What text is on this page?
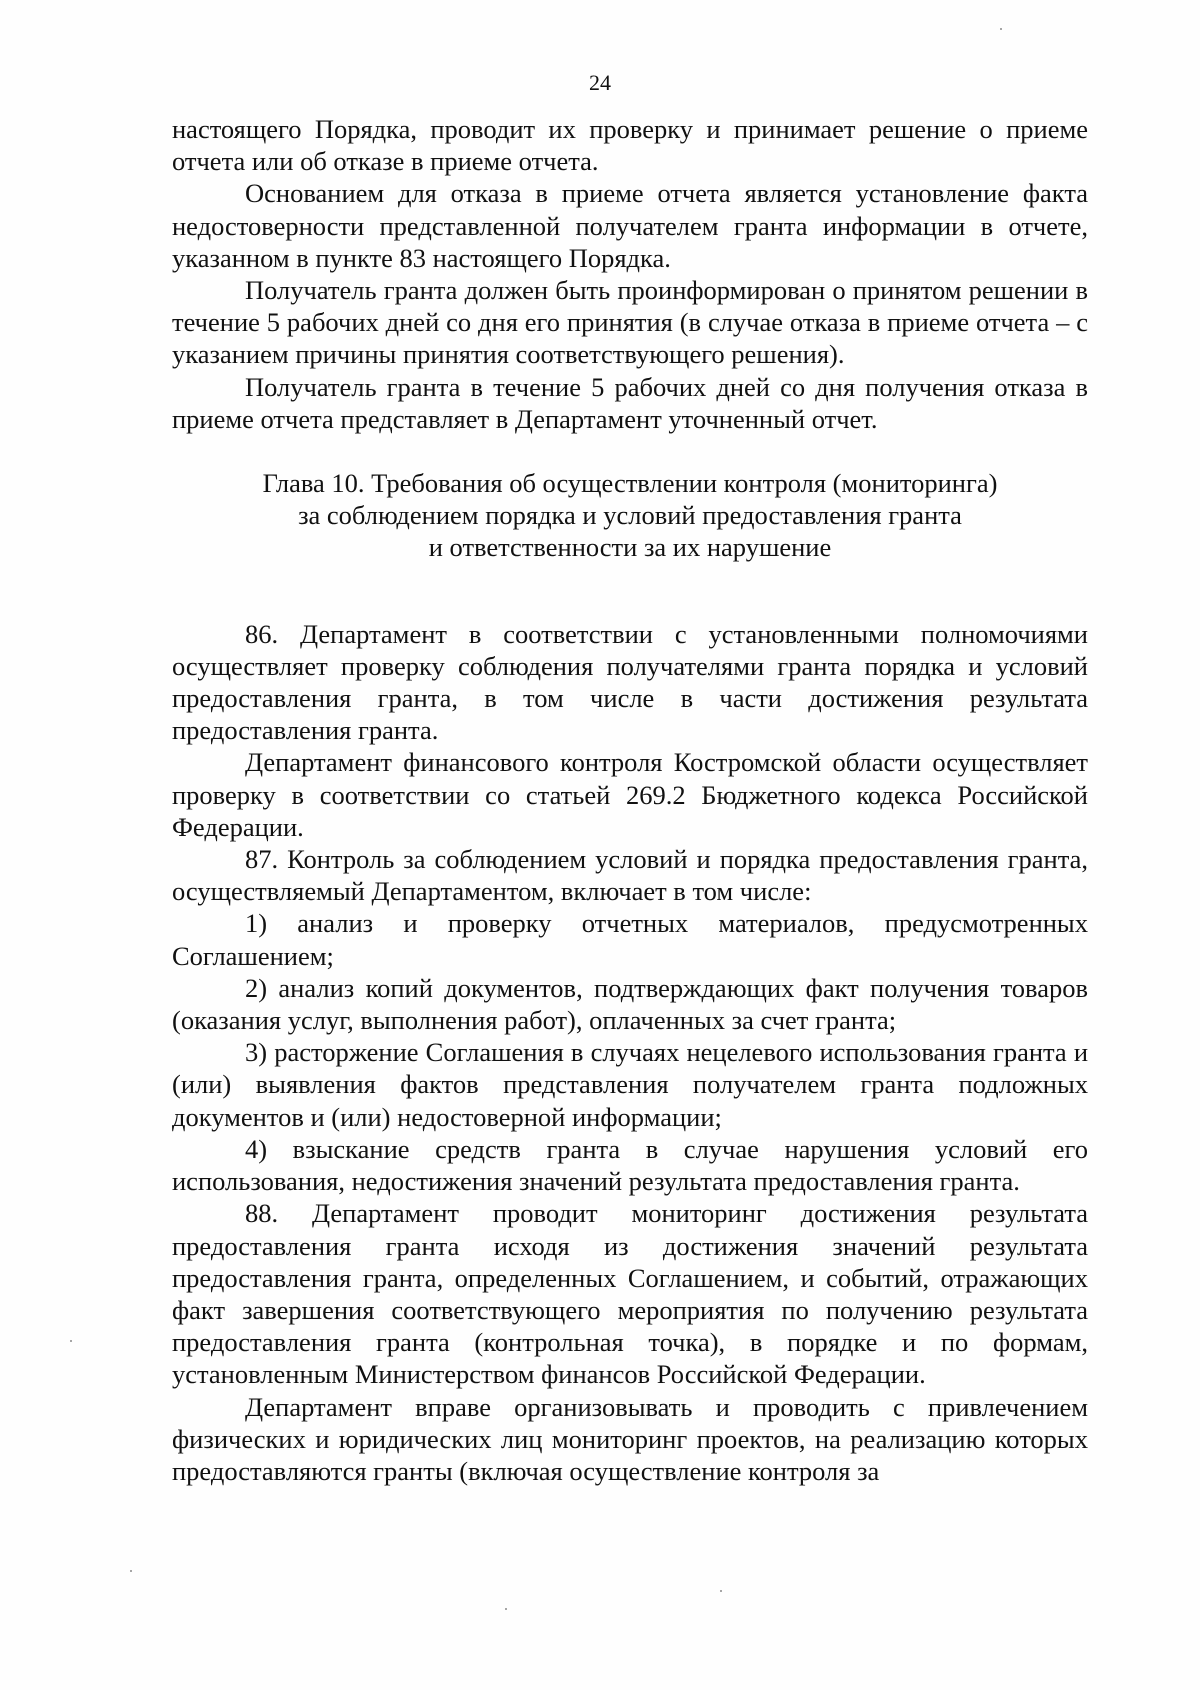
24

настоящего Порядка, проводит их проверку и принимает решение о приеме отчета или об отказе в приеме отчета.

Основанием для отказа в приеме отчета является установление факта недостоверности представленной получателем гранта информации в отчете, указанном в пункте 83 настоящего Порядка.

Получатель гранта должен быть проинформирован о принятом решении в течение 5 рабочих дней со дня его принятия (в случае отказа в приеме отчета – с указанием причины принятия соответствующего решения).

Получатель гранта в течение 5 рабочих дней со дня получения отказа в приеме отчета представляет в Департамент уточненный отчет.

Глава 10. Требования об осуществлении контроля (мониторинга)
за соблюдением порядка и условий предоставления гранта
и ответственности за их нарушение

86. Департамент в соответствии с установленными полномочиями осуществляет проверку соблюдения получателями гранта порядка и условий предоставления гранта, в том числе в части достижения результата предоставления гранта.

Департамент финансового контроля Костромской области осуществляет проверку в соответствии со статьей 269.2 Бюджетного кодекса Российской Федерации.

87. Контроль за соблюдением условий и порядка предоставления гранта, осуществляемый Департаментом, включает в том числе:

1) анализ и проверку отчетных материалов, предусмотренных Соглашением;

2) анализ копий документов, подтверждающих факт получения товаров (оказания услуг, выполнения работ), оплаченных за счет гранта;

3) расторжение Соглашения в случаях нецелевого использования гранта и (или) выявления фактов представления получателем гранта подложных документов и (или) недостоверной информации;

4) взыскание средств гранта в случае нарушения условий его использования, недостижения значений результата предоставления гранта.

88. Департамент проводит мониторинг достижения результата предоставления гранта исходя из достижения значений результата предоставления гранта, определенных Соглашением, и событий, отражающих факт завершения соответствующего мероприятия по получению результата предоставления гранта (контрольная точка), в порядке и по формам, установленным Министерством финансов Российской Федерации.

Департамент вправе организовывать и проводить с привлечением физических и юридических лиц мониторинг проектов, на реализацию которых предоставляются гранты (включая осуществление контроля за
